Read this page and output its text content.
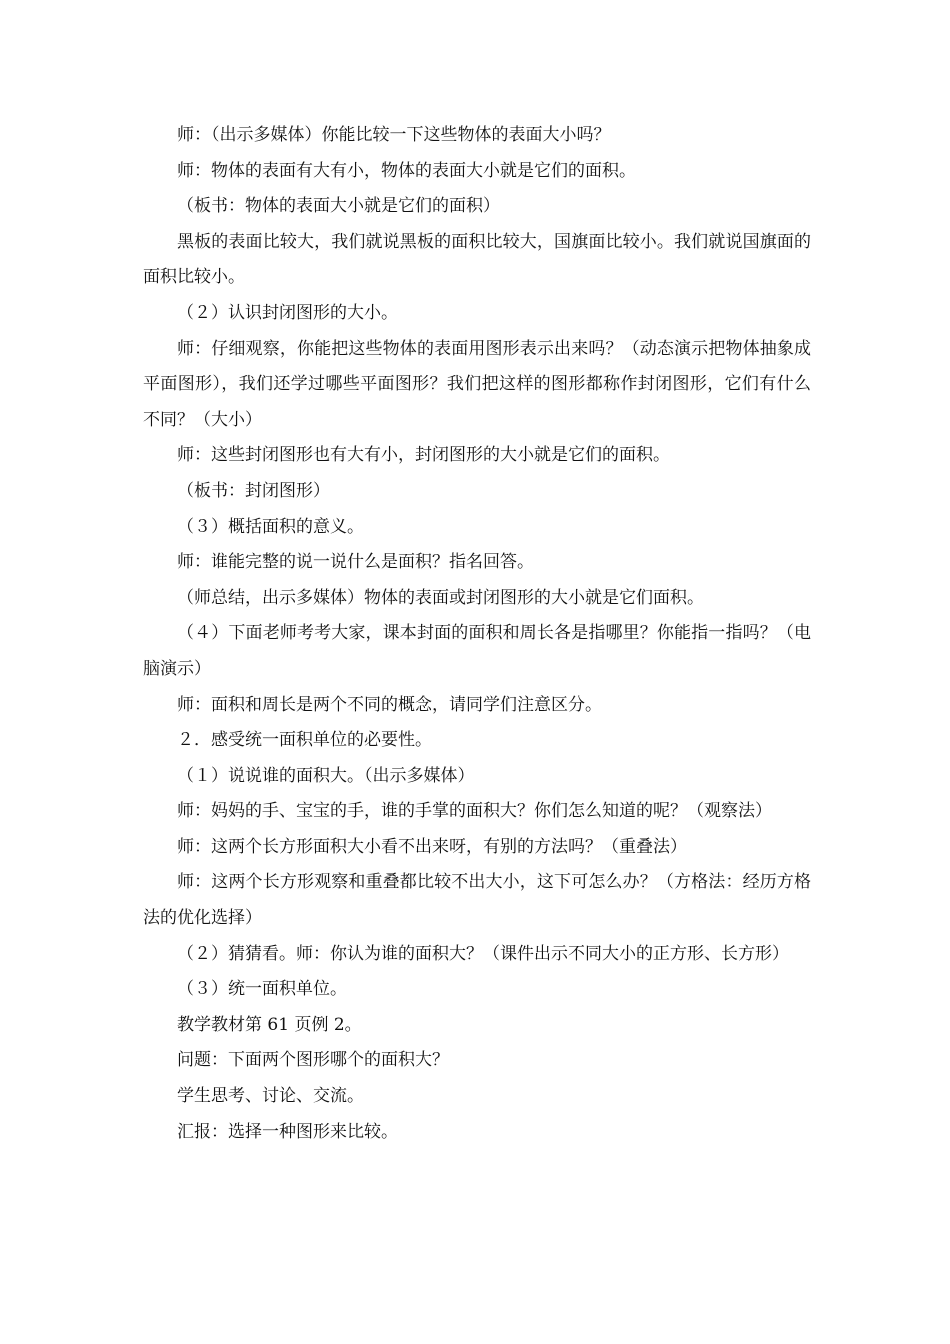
师：（出示多媒体）你能比较一下这些物体的表面大小吗？

师：物体的表面有大有小，物体的表面大小就是它们的面积。

（板书：物体的表面大小就是它们的面积）

黑板的表面比较大，我们就说黑板的面积比较大，国旗面比较小。我们就说国旗面的面积比较小。

（２）认识封闭图形的大小。

师：仔细观察，你能把这些物体的表面用图形表示出来吗？（动态演示把物体抽象成平面图形），我们还学过哪些平面图形？我们把这样的图形都称作封闭图形，它们有什么不同？（大小）

师：这些封闭图形也有大有小，封闭图形的大小就是它们的面积。

（板书：封闭图形）

（３）概括面积的意义。

师：谁能完整的说一说什么是面积？指名回答。

（师总结，出示多媒体）物体的表面或封闭图形的大小就是它们面积。

（４）下面老师考考大家，课本封面的面积和周长各是指哪里？你能指一指吗？（电脑演示）

师：面积和周长是两个不同的概念，请同学们注意区分。

２．感受统一面积单位的必要性。

（１）说说谁的面积大。（出示多媒体）

师：妈妈的手、宝宝的手，谁的手掌的面积大？你们怎么知道的呢？（观察法）

师：这两个长方形面积大小看不出来呀，有别的方法吗？（重叠法）

师：这两个长方形观察和重叠都比较不出大小，这下可怎么办？（方格法：经历方格法的优化选择）

（２）猜猜看。师：你认为谁的面积大？（课件出示不同大小的正方形、长方形）

（３）统一面积单位。

教学教材第 61 页例 2。

问题：下面两个图形哪个的面积大？

学生思考、讨论、交流。

汇报：选择一种图形来比较。
